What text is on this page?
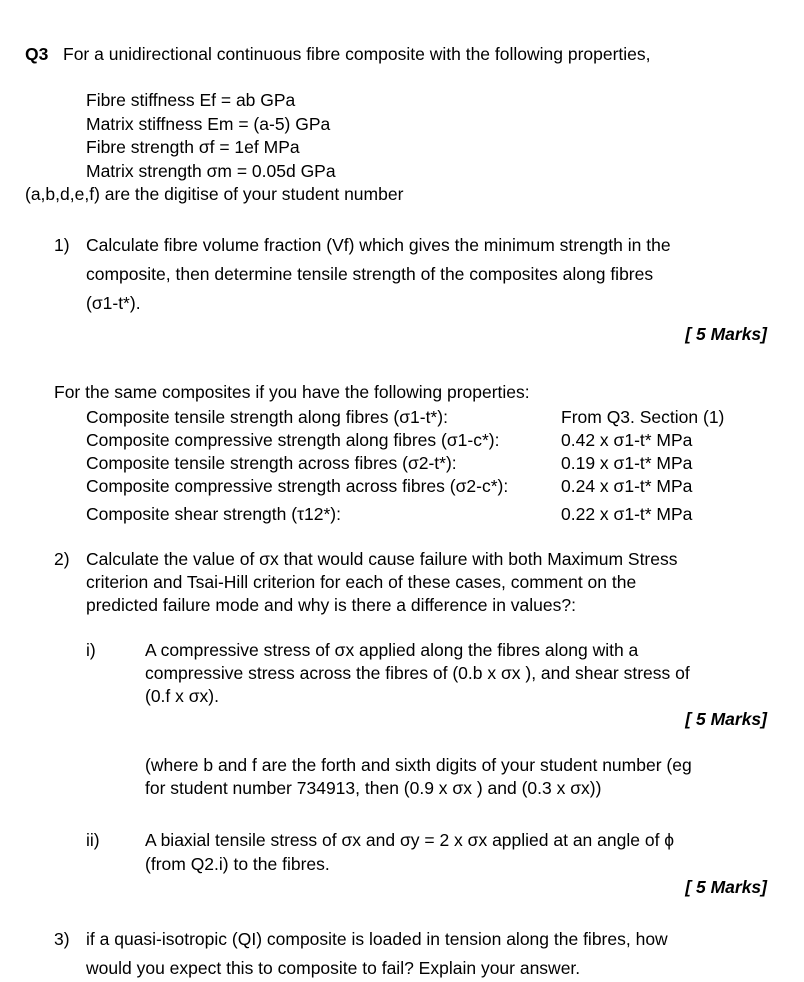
Q3 For a unidirectional continuous fibre composite with the following properties,
Fibre stiffness Ef = ab GPa
Matrix stiffness Em = (a-5) GPa
Fibre strength σf = 1ef MPa
Matrix strength σm = 0.05d GPa
(a,b,d,e,f) are the digitise of your student number
1) Calculate fibre volume fraction (Vf) which gives the minimum strength in the
composite, then determine tensile strength of the composites along fibres
(σ1-t*).
[ 5 Marks]
For the same composites if you have the following properties:
Composite tensile strength along fibres (σ1-t*):	From Q3. Section (1)
Composite compressive strength along fibres (σ1-c*):	0.42 x σ1-t* MPa
Composite tensile strength across fibres (σ2-t*):	0.19 x σ1-t* MPa
Composite compressive strength across fibres (σ2-c*):	0.24 x σ1-t* MPa
Composite shear strength (τ12*):	0.22 x σ1-t* MPa
2) Calculate the value of σx that would cause failure with both Maximum Stress
criterion and Tsai-Hill criterion for each of these cases, comment on the
predicted failure mode and why is there a difference in values?:
i)	A compressive stress of σx applied along the fibres along with a
compressive stress across the fibres of (0.b x σx ), and shear stress of
(0.f x σx).
[ 5 Marks]
(where b and f are the forth and sixth digits of your student number (eg
for student number 734913, then (0.9 x σx ) and (0.3 x σx))
ii)	A biaxial tensile stress of σx and σy = 2 x σx applied at an angle of ϕ
(from Q2.i) to the fibres.
[ 5 Marks]
3) if a quasi-isotropic (QI) composite is loaded in tension along the fibres, how
would you expect this to composite to fail? Explain your answer.
